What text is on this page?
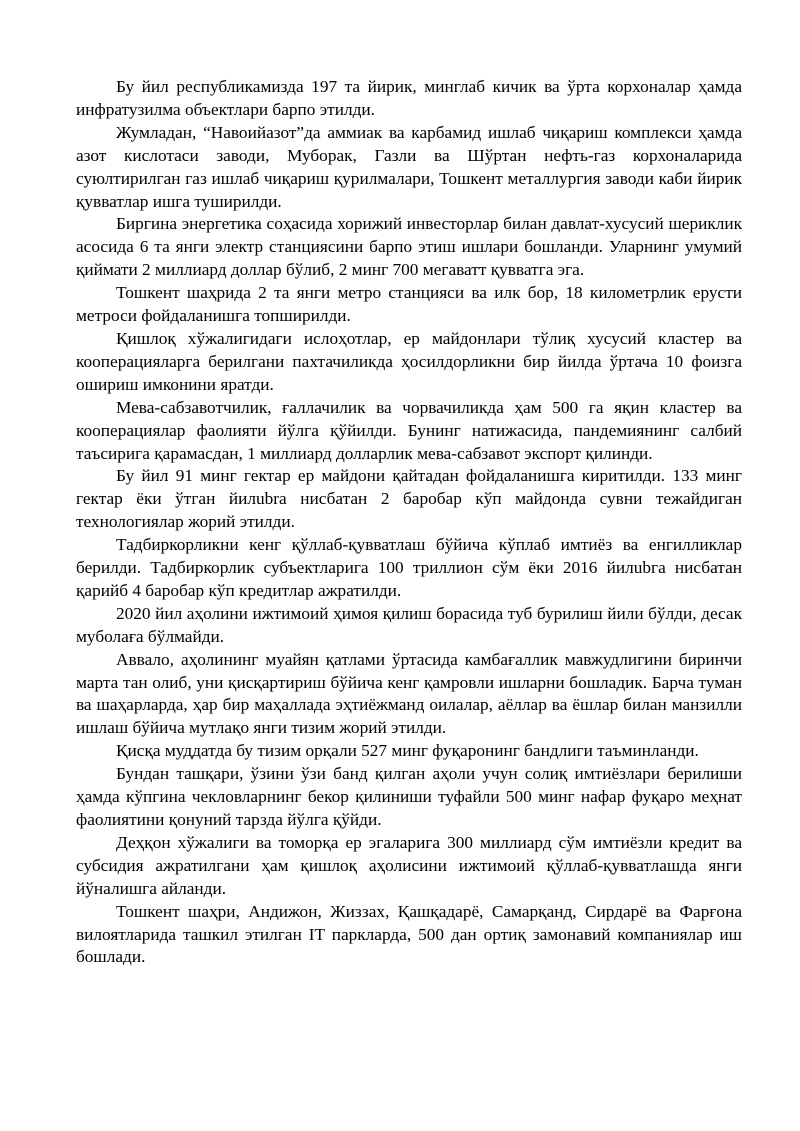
Бу йил республикамизда 197 та йирик, минглаб кичик ва ўрта корхоналар ҳамда инфратузилма объектлари барпо этилди.

Жумладан, “Навоийазот”да аммиак ва карбамид ишлаб чиқариш комплекси ҳамда азот кислотаси заводи, Муборак, Газли ва Шўртан нефть-газ корхоналарида суюлтирилган газ ишлаб чиқариш қурилмалари, Тошкент металлургия заводи каби йирик қувватлар ишга туширилди.

Биргина энергетика соҳасида хорижий инвесторлар билан давлат-хусусий шериклик асосида 6 та янги электр станциясини барпо этиш ишлари бошланди. Уларнинг умумий қиймати 2 миллиард доллар бўлиб, 2 минг 700 мегаватт қувватга эга.

Тошкент шаҳрида 2 та янги метро станцияси ва илк бор, 18 километрлик ерусти метроси фойдаланишга топширилди.

Қишлоқ хўжалигидаги ислоҳотлар, ер майдонлари тўлиқ хусусий кластер ва кооперацияларга берилгани пахтачиликда ҳосилдорликни бир йилда ўртача 10 фоизга ошириш имконини яратди.

Мева-сабзавотчилик, ғаллачилик ва чорвачиликда ҳам 500 га яқин кластер ва кооперациялар фаолияти йўлга қўйилди. Бунинг натижасида, пандемиянинг салбий таъсирига қарамасдан, 1 миллиард долларлик мева-сабзавот экспорт қилинди.

Бу йил 91 минг гектар ер майдони қайтадан фойдаланишга киритилди. 133 минг гектар ёки ўтган йилubra нисбатан 2 баробар кўп майдонда сувни тежайдиган технологиялар жорий этилди.

Тадбиркорликни кенг қўллаб-қувватлаш бўйича кўплаб имтиёз ва енгилликлар берилди. Тадбиркорлик субъектларига 100 триллион сўм ёки 2016 йилubга нисбатан қарийб 4 баробар кўп кредитлар ажратилди.

2020 йил аҳолини ижтимоий ҳимоя қилиш борасида туб бурилиш йили бўлди, десак муболаға бўлмайди.

Аввало, аҳолининг муайян қатлами ўртасида камбағаллик мавжудлигини биринчи марта тан олиб, уни қисқартириш бўйича кенг қамровли ишларни бошладик. Барча туман ва шаҳарларда, ҳар бир маҳаллада эҳтиёжманд оилалар, аёллар ва ёшлар билан манзилли ишлаш бўйича мутлақо янги тизим жорий этилди.

Қисқа муддатда бу тизим орқали 527 минг фуқаронинг бандлиги таъминланди.

Бундан ташқари, ўзини ўзи банд қилган аҳоли учун солиқ имтиёзлари берилиши ҳамда кўпгина чекловларнинг бекор қилиниши туфайли 500 минг нафар фуқаро меҳнат фаолиятини қонуний тарзда йўлга қўйди.

Деҳқон хўжалиги ва томорқа ер эгаларига 300 миллиард сўм имтиёзли кредит ва субсидия ажратилгани ҳам қишлоқ аҳолисини ижтимоий қўллаб-қувватлашда янги йўналишга айланди.

Тошкент шаҳри, Андижон, Жиззах, Қашқадарё, Самарқанд, Сирдарё ва Фарғона вилоятларида ташкил этилган IT паркларда, 500 дан ортиқ замонавий компаниялар иш бошлади.
